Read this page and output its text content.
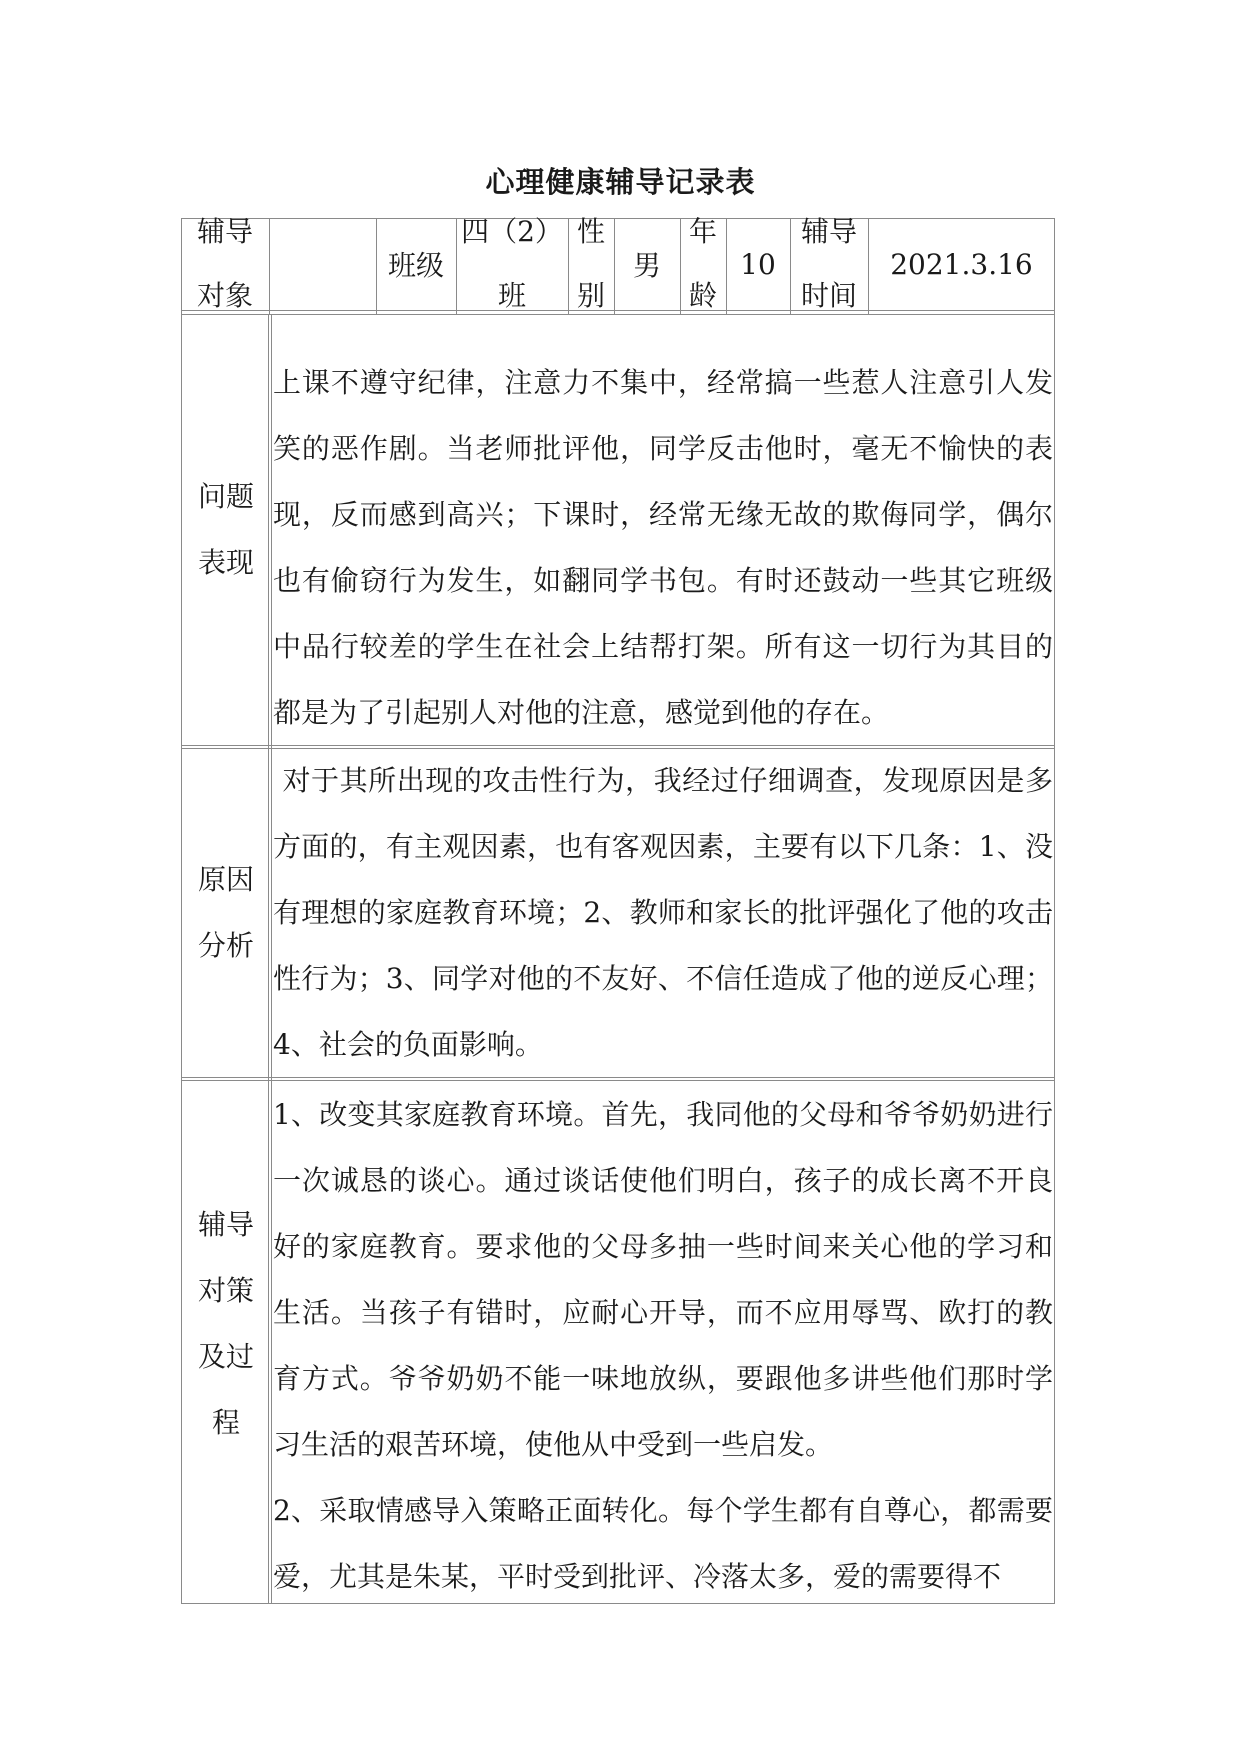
心理健康辅导记录表
辅导
对象
班级
四（2）
班
性
别
男
年
龄
10
辅导
时间
2021.3.16
问题
表现
上课不遵守纪律，注意力不集中，经常搞一些惹人注意引人发笑的恶作剧。当老师批评他，同学反击他时，毫无不愉快的表现，反而感到高兴；下课时，经常无缘无故的欺侮同学，偶尔也有偷窃行为发生，如翻同学书包。有时还鼓动一些其它班级中品行较差的学生在社会上结帮打架。所有这一切行为其目的都是为了引起别人对他的注意，感觉到他的存在。
原因
分析
对于其所出现的攻击性行为，我经过仔细调查，发现原因是多方面的，有主观因素，也有客观因素，主要有以下几条：1、没有理想的家庭教育环境；2、教师和家长的批评强化了他的攻击性行为；3、同学对他的不友好、不信任造成了他的逆反心理；4、社会的负面影响。
辅导
对策
及过
程
1、改变其家庭教育环境。首先，我同他的父母和爷爷奶奶进行一次诚恳的谈心。通过谈话使他们明白，孩子的成长离不开良好的家庭教育。要求他的父母多抽一些时间来关心他的学习和生活。当孩子有错时，应耐心开导，而不应用辱骂、欧打的教育方式。爷爷奶奶不能一味地放纵，要跟他多讲些他们那时学习生活的艰苦环境，使他从中受到一些启发。
2、采取情感导入策略正面转化。每个学生都有自尊心，都需要爱，尤其是朱某，平时受到批评、冷落太多，爱的需要得不
